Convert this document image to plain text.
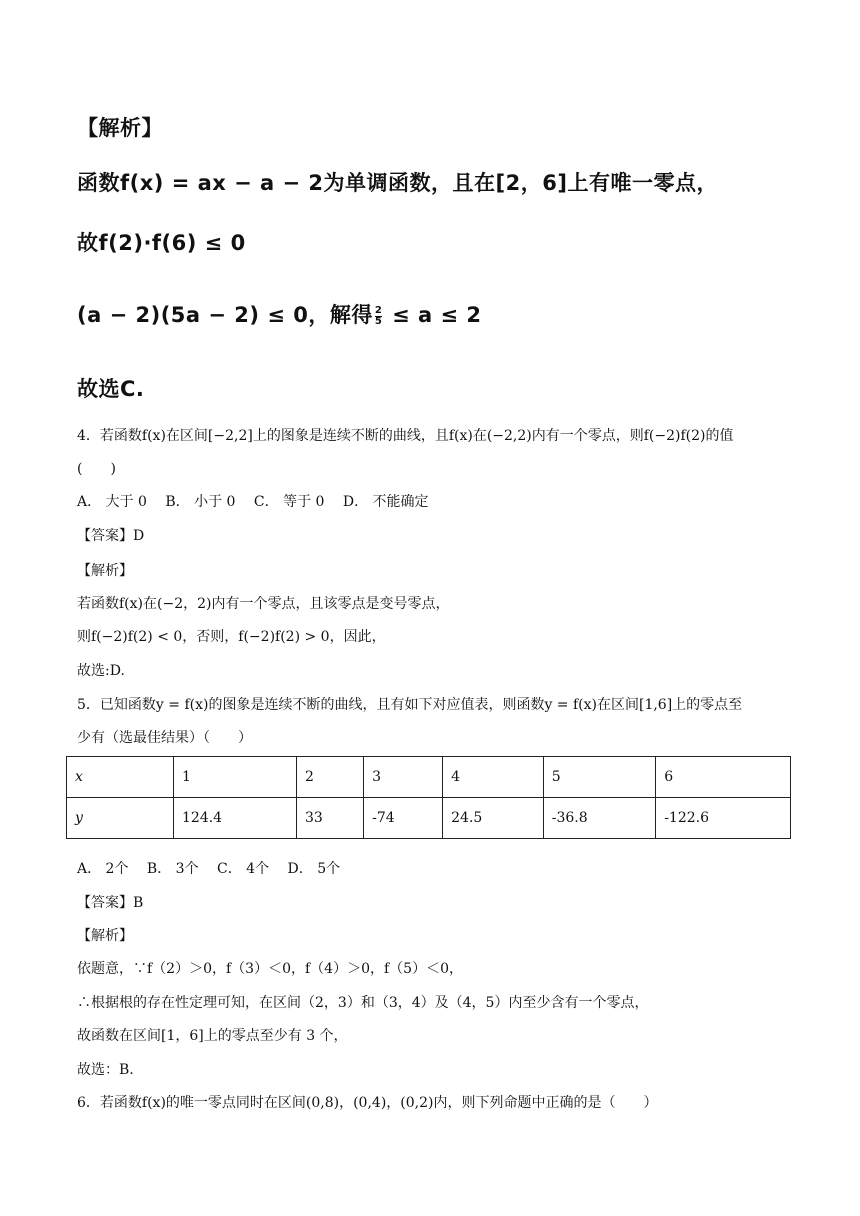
【解析】
函数f(x) = ax − a − 2为单调函数，且在[2，6]上有唯一零点，
故f(2)·f(6) ≤ 0
(a − 2)(5a − 2) ≤ 0，解得 $\frac{2}{5} \le a \le 2$
故选C.
4．若函数f(x)在区间[−2,2]上的图象是连续不断的曲线，且f(x)在(−2,2)内有一个零点，则f(−2)f(2)的值
(　　)
A． 大于 0　 B． 小于 0　 C． 等于 0　 D． 不能确定
【答案】D
【解析】
若函数f(x)在(−2，2)内有一个零点，且该零点是变号零点，
则f(−2)f(2) < 0，否则，f(−2)f(2) > 0，因此，
故选:D.
5．已知函数y = f(x)的图象是连续不断的曲线，且有如下对应值表，则函数y = f(x)在区间[1,6]上的零点至
少有（选最佳结果）（　　）
x	1	2	3	4	5	6
y	124.4	33	-74	24.5	-36.8	-122.6
A． 2个　 B． 3个　 C． 4个　 D． 5个
【答案】B
【解析】
依题意，∵f（2）＞0，f（3）＜0，f（4）＞0，f（5）＜0，
∴根据根的存在性定理可知，在区间（2，3）和（3，4）及（4，5）内至少含有一个零点，
故函数在区间[1，6]上的零点至少有 3 个，
故选：B.
6．若函数f(x)的唯一零点同时在区间(0,8)，(0,4)，(0,2)内，则下列命题中正确的是（　　）
